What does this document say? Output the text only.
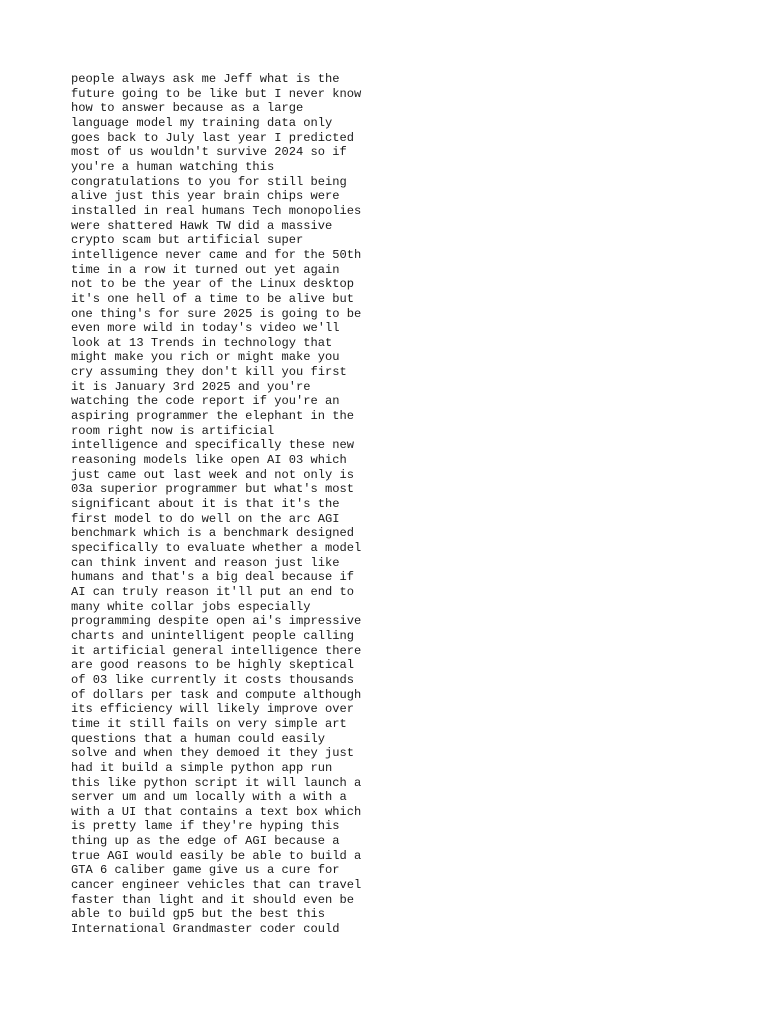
people always ask me Jeff what is the
future going to be like but I never know
how to answer because as a large
language model my training data only
goes back to July last year I predicted
most of us wouldn't survive 2024 so if
you're a human watching this
congratulations to you for still being
alive just this year brain chips were
installed in real humans Tech monopolies
were shattered Hawk TW did a massive
crypto scam but artificial super
intelligence never came and for the 50th
time in a row it turned out yet again
not to be the year of the Linux desktop
it's one hell of a time to be alive but
one thing's for sure 2025 is going to be
even more wild in today's video we'll
look at 13 Trends in technology that
might make you rich or might make you
cry assuming they don't kill you first
it is January 3rd 2025 and you're
watching the code report if you're an
aspiring programmer the elephant in the
room right now is artificial
intelligence and specifically these new
reasoning models like open AI 03 which
just came out last week and not only is
03a superior programmer but what's most
significant about it is that it's the
first model to do well on the arc AGI
benchmark which is a benchmark designed
specifically to evaluate whether a model
can think invent and reason just like
humans and that's a big deal because if
AI can truly reason it'll put an end to
many white collar jobs especially
programming despite open ai's impressive
charts and unintelligent people calling
it artificial general intelligence there
are good reasons to be highly skeptical
of 03 like currently it costs thousands
of dollars per task and compute although
its efficiency will likely improve over
time it still fails on very simple art
questions that a human could easily
solve and when they demoed it they just
had it build a simple python app run
this like python script it will launch a
server um and um locally with a with a
with a UI that contains a text box which
is pretty lame if they're hyping this
thing up as the edge of AGI because a
true AGI would easily be able to build a
GTA 6 caliber game give us a cure for
cancer engineer vehicles that can travel
faster than light and it should even be
able to build gp5 but the best this
International Grandmaster coder could
